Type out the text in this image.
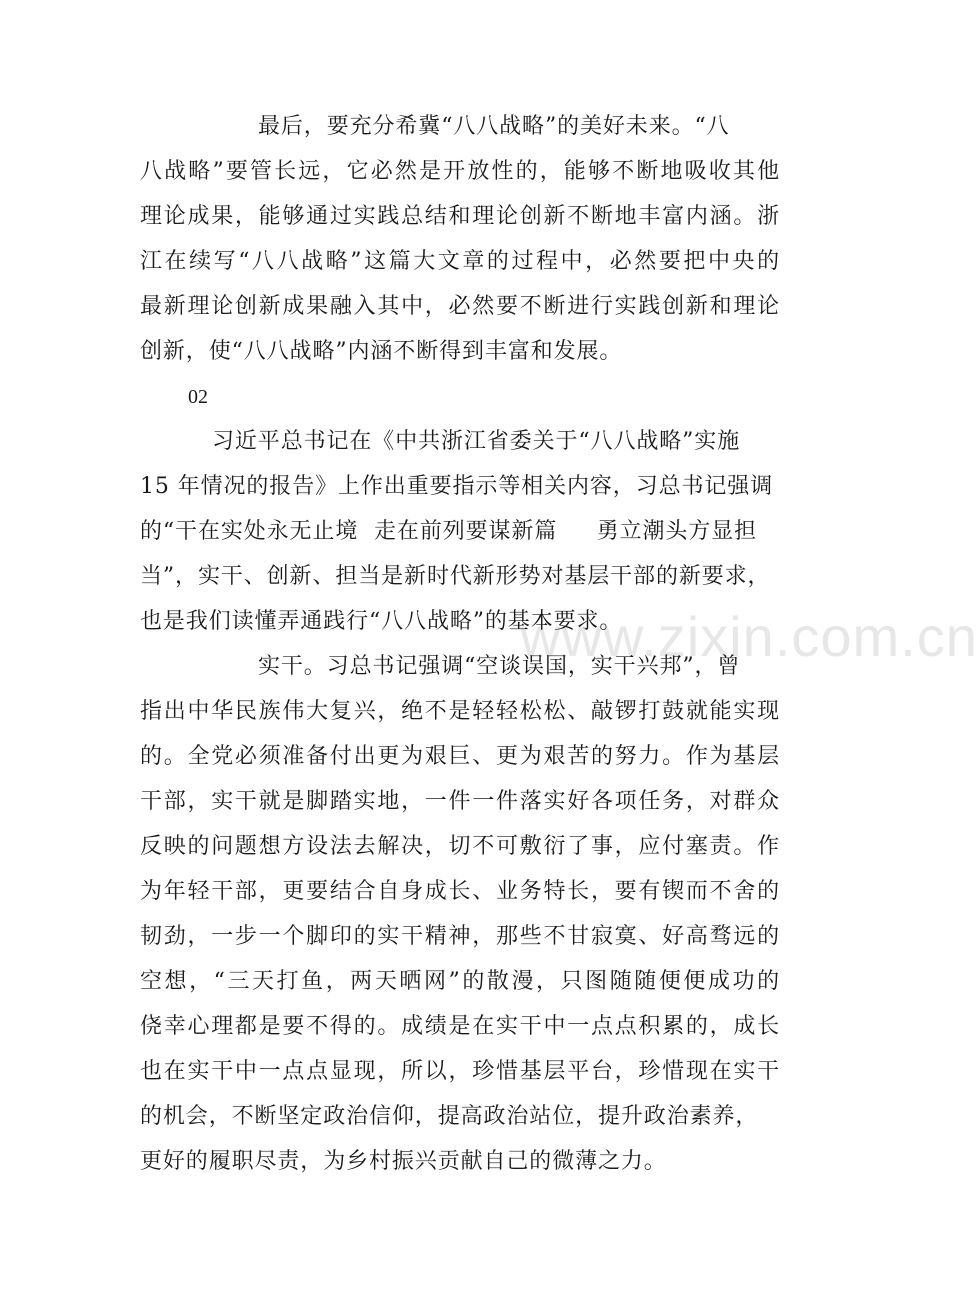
www.zixin.com.cn
最后，要充分希冀“八八战略”的美好未来。“八
八战略”要管长远，它必然是开放性的，能够不断地吸收其他
理论成果，能够通过实践总结和理论创新不断地丰富内涵。浙
江在续写“八八战略”这篇大文章的过程中，必然要把中央的
最新理论创新成果融入其中，必然要不断进行实践创新和理论
创新，使“八八战略”内涵不断得到丰富和发展。
02
习近平总书记在《中共浙江省委关于“八八战略”实施
15 年情况的报告》上作出重要指示等相关内容，习总书记强调
的“干在实处永无止境  走在前列要谋新篇     勇立潮头方显担
当”，实干、创新、担当是新时代新形势对基层干部的新要求，
也是我们读懂弄通践行“八八战略”的基本要求。
实干。习总书记强调“空谈误国，实干兴邦”，曾
指出中华民族伟大复兴，绝不是轻轻松松、敲锣打鼓就能实现
的。全党必须准备付出更为艰巨、更为艰苦的努力。作为基层
干部，实干就是脚踏实地，一件一件落实好各项任务，对群众
反映的问题想方设法去解决，切不可敷衍了事，应付塞责。作
为年轻干部，更要结合自身成长、业务特长，要有锲而不舍的
韧劲，一步一个脚印的实干精神，那些不甘寂寞、好高骛远的
空想，“三天打鱼，两天晒网”的散漫，只图随随便便成功的
侥幸心理都是要不得的。成绩是在实干中一点点积累的，成长
也在实干中一点点显现，所以，珍惜基层平台，珍惜现在实干
的机会，不断坚定政治信仰，提高政治站位，提升政治素养，
更好的履职尽责，为乡村振兴贡献自己的微薄之力。
